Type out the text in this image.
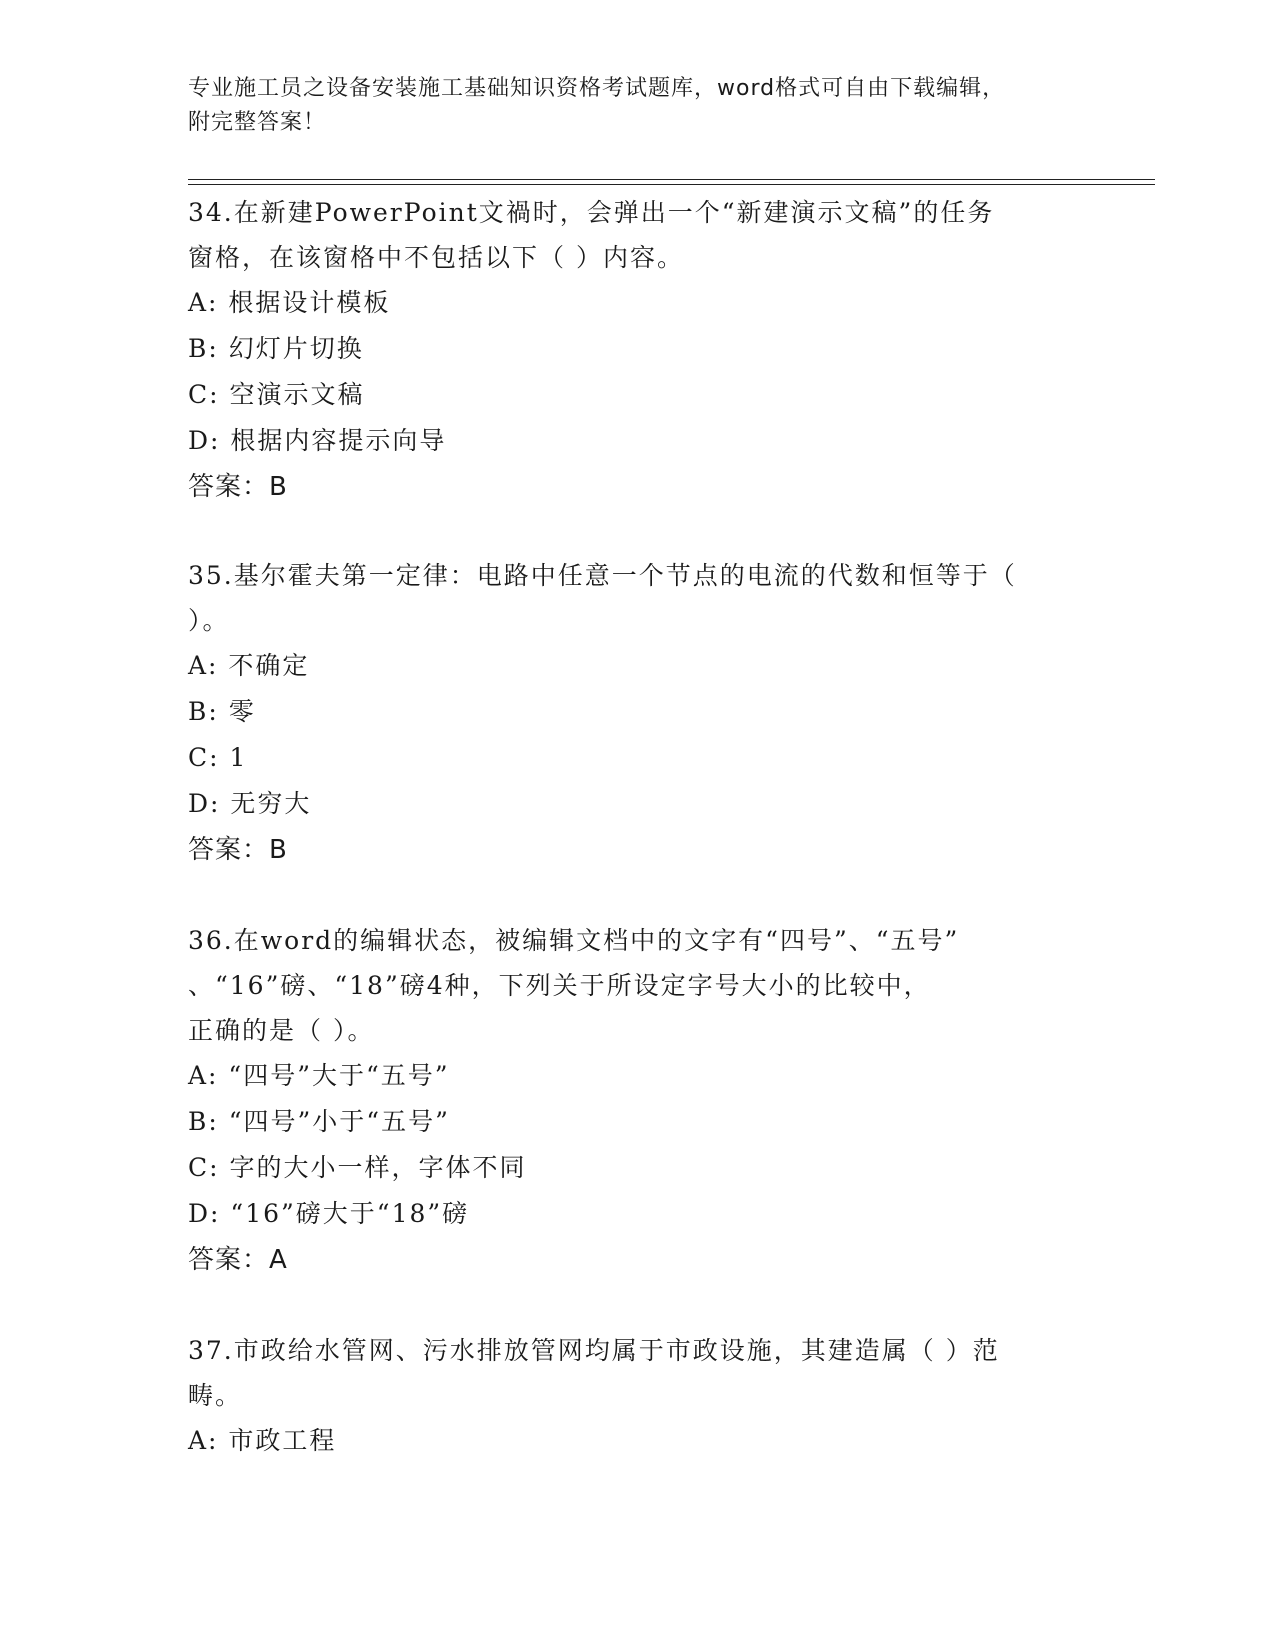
专业施工员之设备安装施工基础知识资格考试题库，word格式可自由下载编辑，
附完整答案！

34.在新建PowerPoint文禍时，会弹出一个“新建演示文稿”的任务

窗格，在该窗格中不包括以下（ ）内容。

A: 根据设计模板

B: 幻灯片切换

C: 空演示文稿

D: 根据内容提示向导

答案：B

35.基尔霍夫第一定律：电路中任意一个节点的电流的代数和恒等于（

）。

A: 不确定

B: 零

C: 1

D: 无穷大

答案：B

36.在word的编辑状态，被编辑文档中的文字有“四号”、“五号”

、“16”磅、“18”磅4种，下列关于所设定字号大小的比较中，

正确的是（ ）。

A: “四号”大于“五号”

B: “四号”小于“五号”

C: 字的大小一样，字体不同

D: “16”磅大于“18”磅

答案：A

37.市政给水管网、污水排放管网均属于市政设施，其建造属（ ）范

畴。

A: 市政工程
